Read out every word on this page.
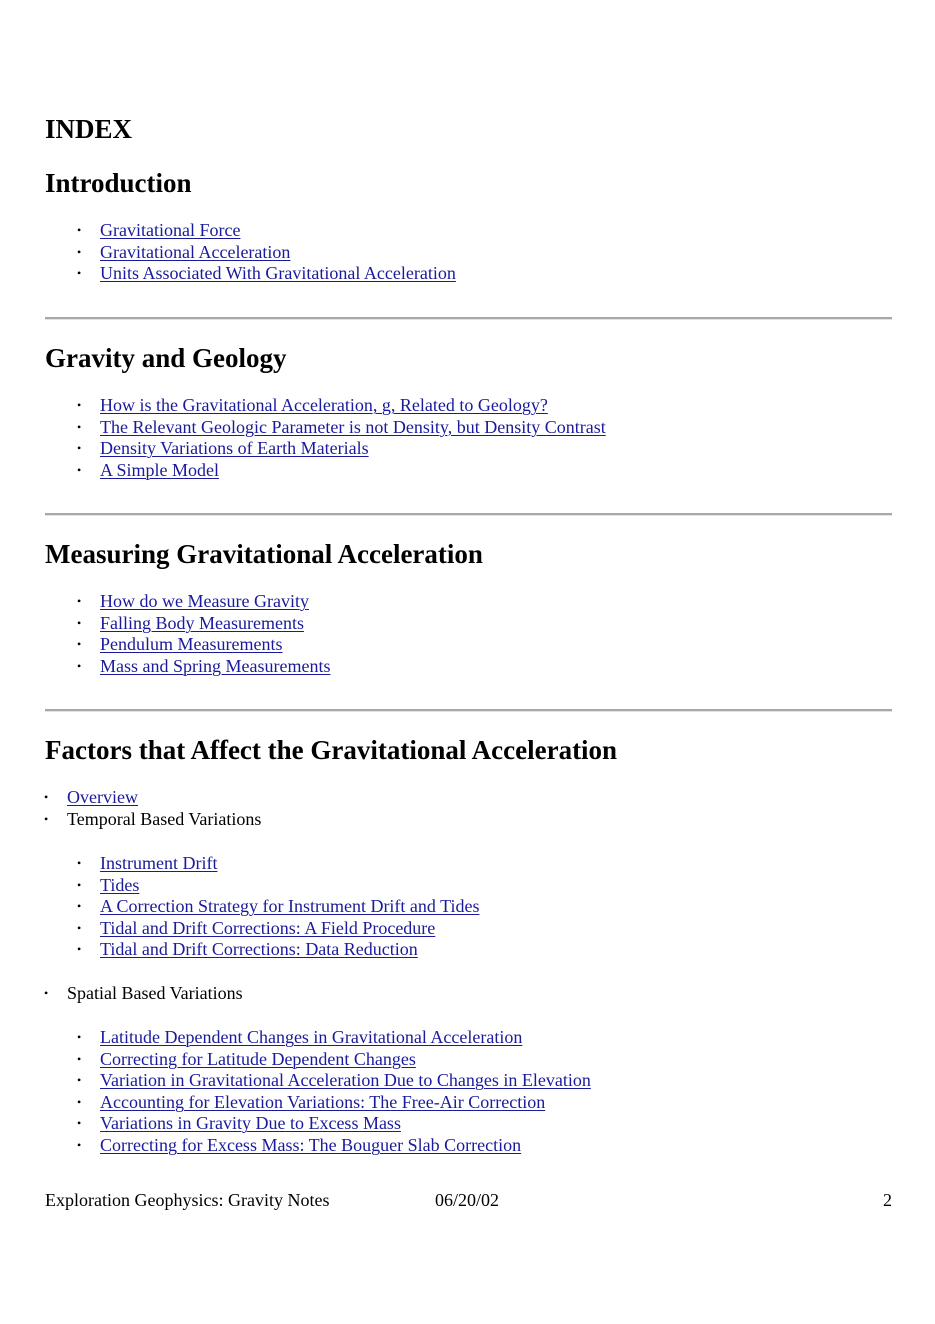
INDEX
Introduction
• Gravitational Force
• Gravitational Acceleration
• Units Associated With Gravitational Acceleration
Gravity and Geology
• How is the Gravitational Acceleration, g, Related to Geology?
• The Relevant Geologic Parameter is not Density, but Density Contrast
• Density Variations of Earth Materials
• A Simple Model
Measuring Gravitational Acceleration
• How do we Measure Gravity
• Falling Body Measurements
• Pendulum Measurements
• Mass and Spring Measurements
Factors that Affect the Gravitational Acceleration
• Overview
• Temporal Based Variations
• Instrument Drift
• Tides
• A Correction Strategy for Instrument Drift and Tides
• Tidal and Drift Corrections: A Field Procedure
• Tidal and Drift Corrections: Data Reduction
• Spatial Based Variations
• Latitude Dependent Changes in Gravitational Acceleration
• Correcting for Latitude Dependent Changes
• Variation in Gravitational Acceleration Due to Changes in Elevation
• Accounting for Elevation Variations: The Free-Air Correction
• Variations in Gravity Due to Excess Mass
• Correcting for Excess Mass: The Bouguer Slab Correction
Exploration Geophysics: Gravity Notes	06/20/02	2
